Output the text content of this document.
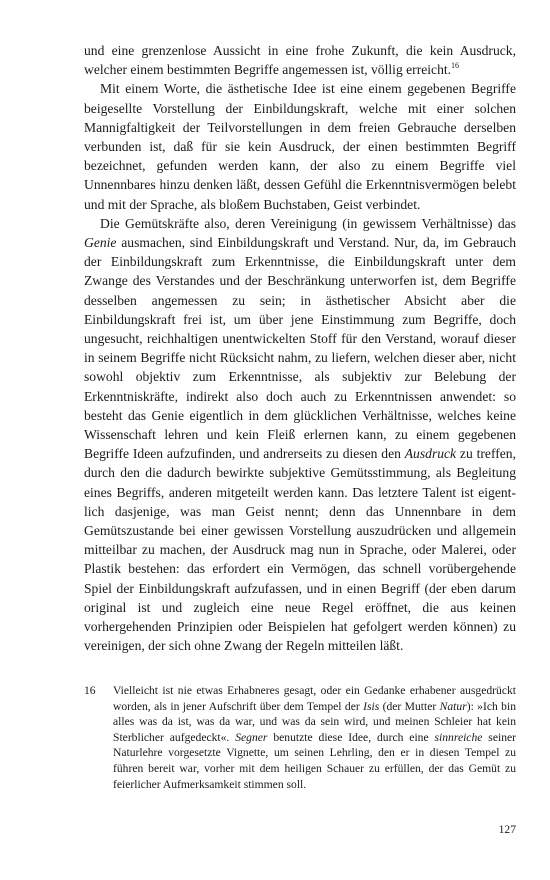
und eine grenzenlose Aussicht in eine frohe Zukunft, die kein Ausdruck, welcher einem bestimmten Begriffe angemessen ist, völlig erreicht.$^{16}$

Mit einem Worte, die ästhetische Idee ist eine einem gegebenen Begriffe beigesellte Vorstellung der Einbildungskraft, welche mit einer solchen Mannigfaltigkeit der Teilvorstellungen in dem freien Gebrauche derselben verbunden ist, daß für sie kein Ausdruck, der einen bestimmten Begriff bezeichnet, gefunden werden kann, der also zu einem Begriffe viel Unnennbares hinzu denken läßt, dessen Gefühl die Erkenntnisvermögen belebt und mit der Sprache, als bloßem Buchstaben, Geist verbindet.

Die Gemütskräfte also, deren Vereinigung (in gewissem Verhältnisse) das Genie ausmachen, sind Einbildungskraft und Verstand. Nur, da, im Gebrauch der Einbildungskraft zum Erkenntnisse, die Einbildungskraft unter dem Zwange des Verstandes und der Beschränkung unterworfen ist, dem Begriffe desselben angemessen zu sein; in ästhetischer Absicht aber die Einbildungskraft frei ist, um über jene Einstimmung zum Begriffe, doch ungesucht, reichhaltigen unentwickelten Stoff für den Verstand, worauf dieser in seinem Begriffe nicht Rücksicht nahm, zu liefern, welchen dieser aber, nicht sowohl objektiv zum Erkenntnisse, als subjektiv zur Belebung der Erkenntniskräfte, indirekt also doch auch zu Erkenntnissen anwendet: so besteht das Genie eigentlich in dem glücklichen Verhältnisse, welches keine Wissenschaft lehren und kein Fleiß erlernen kann, zu einem gegebenen Begriffe Ideen aufzufinden, und andrerseits zu diesen den Ausdruck zu treffen, durch den die dadurch bewirkte subjektive Gemütsstimmung, als Begleitung eines Begriffs, anderen mitgeteilt werden kann. Das letztere Talent ist eigentlich dasjenige, was man Geist nennt; denn das Unnennbare in dem Gemütszustande bei einer gewissen Vorstellung auszudrücken und allgemein mitteilbar zu machen, der Ausdruck mag nun in Sprache, oder Malerei, oder Plastik bestehen: das erfordert ein Vermögen, das schnell vorübergehende Spiel der Einbildungskraft aufzufassen, und in einen Begriff (der eben darum original ist und zugleich eine neue Regel eröffnet, die aus keinen vorhergehenden Prinzipien oder Beispielen hat gefolgert werden können) zu vereinigen, der sich ohne Zwang der Regeln mitteilen läßt.

16	Vielleicht ist nie etwas Erhabneres gesagt, oder ein Gedanke erhabener ausgedrückt worden, als in jener Aufschrift über dem Tempel der Isis (der Mutter Natur): »Ich bin alles was da ist, was da war, und was da sein wird, und meinen Schleier hat kein Sterblicher aufgedeckt«. Segner benutzte diese Idee, durch eine sinnreiche seiner Naturlehre vorgesetzte Vignette, um seinen Lehrling, den er in diesen Tempel zu führen bereit war, vorher mit dem heiligen Schauer zu erfüllen, der das Gemüt zu feierlicher Aufmerksamkeit stimmen soll.
127
